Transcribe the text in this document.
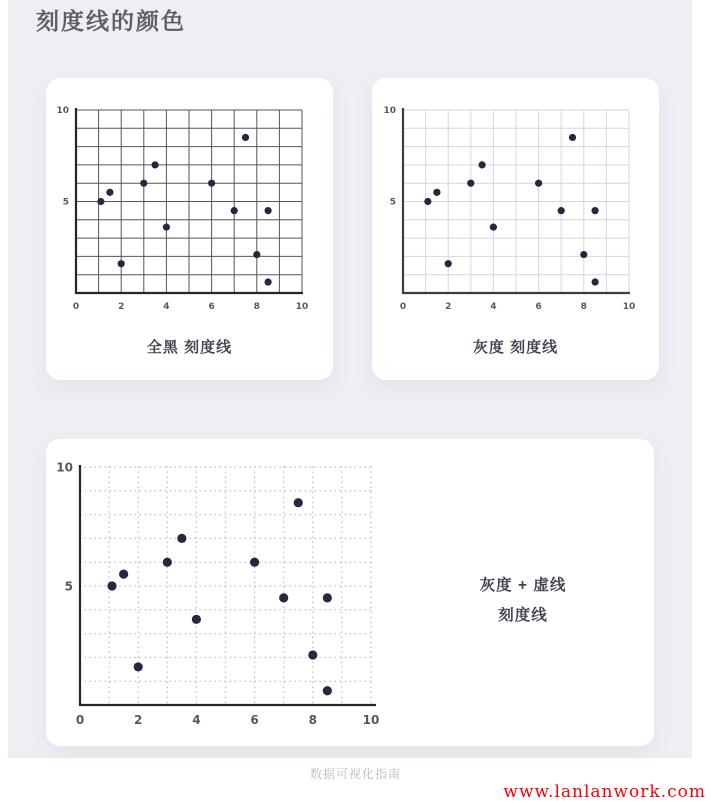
刻度线的颜色
0	2	4	6	8	10
5
10
全黑 刻度线
0	2	4	6	8	10
5
10
灰度 刻度线
0	2	4	6	8	10
5
10
灰度 + 虚线
刻度线
数据可视化指南
www.lanlanwork.com
